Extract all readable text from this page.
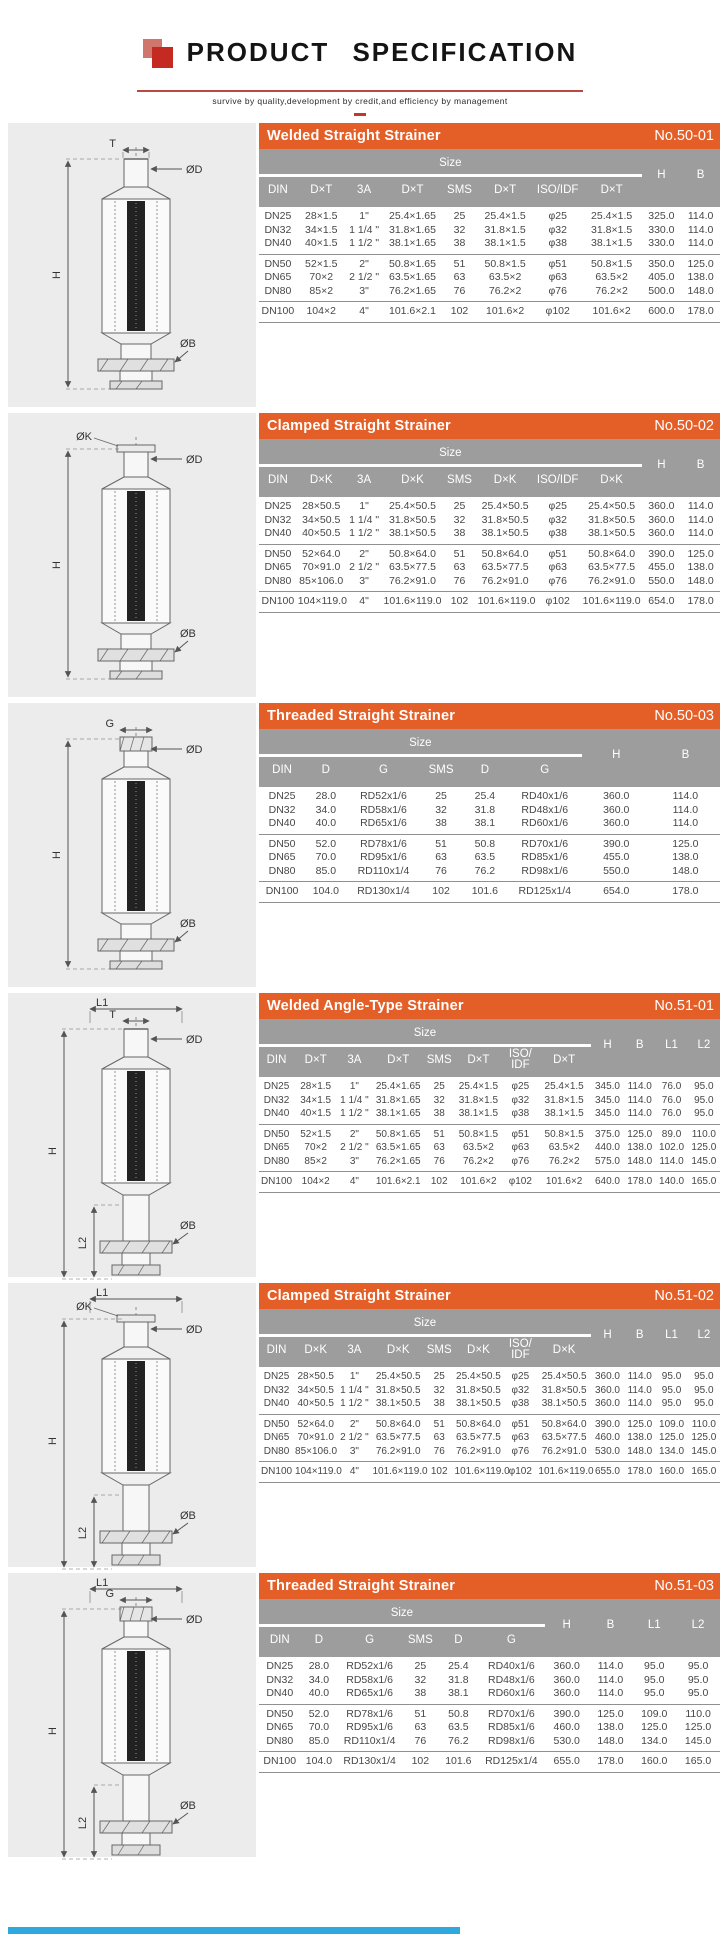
PRODUCT SPECIFICATION
survive by quality,development by credit,and efficiency by management
T
ØD
H
ØB
Welded Straight Strainer	No.50-01
Size								H	B
DIN	D×T	3A	D×T	SMS	D×T	ISO/IDF	D×T		
DN25	28×1.5	1"	25.4×1.65	25	25.4×1.5	φ25	25.4×1.5	325.0	114.0
DN32	34×1.5	1 1/4 "	31.8×1.65	32	31.8×1.5	φ32	31.8×1.5	330.0	114.0
DN40	40×1.5	1 1/2 "	38.1×1.65	38	38.1×1.5	φ38	38.1×1.5	330.0	114.0
DN50	52×1.5	2"	50.8×1.65	51	50.8×1.5	φ51	50.8×1.5	350.0	125.0
DN65	70×2	2 1/2 "	63.5×1.65	63	63.5×2	φ63	63.5×2	405.0	138.0
DN80	85×2	3"	76.2×1.65	76	76.2×2	φ76	76.2×2	500.0	148.0
DN100	104×2	4"	101.6×2.1	102	101.6×2	φ102	101.6×2	600.0	178.0
ØK
ØD
H
ØB
Clamped Straight Strainer	No.50-02
Size								H	B
DIN	D×K	3A	D×K	SMS	D×K	ISO/IDF	D×K		
DN25	28×50.5	1"	25.4×50.5	25	25.4×50.5	φ25	25.4×50.5	360.0	114.0
DN32	34×50.5	1 1/4 "	31.8×50.5	32	31.8×50.5	φ32	31.8×50.5	360.0	114.0
DN40	40×50.5	1 1/2 "	38.1×50.5	38	38.1×50.5	φ38	38.1×50.5	360.0	114.0
DN50	52×64.0	2"	50.8×64.0	51	50.8×64.0	φ51	50.8×64.0	390.0	125.0
DN65	70×91.0	2 1/2 "	63.5×77.5	63	63.5×77.5	φ63	63.5×77.5	455.0	138.0
DN80	85×106.0	3"	76.2×91.0	76	76.2×91.0	φ76	76.2×91.0	550.0	148.0
DN100	104×119.0	4"	101.6×119.0	102	101.6×119.0	φ102	101.6×119.0	654.0	178.0
G
ØD
H
ØB
Threaded Straight Strainer	No.50-03
Size						H	B
DIN	D	G	SMS	D	G		
DN25	28.0	RD52x1/6	25	25.4	RD40x1/6	360.0	114.0
DN32	34.0	RD58x1/6	32	31.8	RD48x1/6	360.0	114.0
DN40	40.0	RD65x1/6	38	38.1	RD60x1/6	360.0	114.0
DN50	52.0	RD78x1/6	51	50.8	RD70x1/6	390.0	125.0
DN65	70.0	RD95x1/6	63	63.5	RD85x1/6	455.0	138.0
DN80	85.0	RD110x1/4	76	76.2	RD98x1/6	550.0	148.0
DN100	104.0	RD130x1/4	102	101.6	RD125x1/4	654.0	178.0
T
ØD
L1
H
L2
ØB
Welded Angle-Type Strainer	No.51-01
Size								H	B	L1	L2
DIN	D×T	3A	D×T	SMS	D×T	ISO/IDF	D×T				
DN25	28×1.5	1"	25.4×1.65	25	25.4×1.5	φ25	25.4×1.5	345.0	114.0	76.0	95.0
DN32	34×1.5	1 1/4 "	31.8×1.65	32	31.8×1.5	φ32	31.8×1.5	345.0	114.0	76.0	95.0
DN40	40×1.5	1 1/2 "	38.1×1.65	38	38.1×1.5	φ38	38.1×1.5	345.0	114.0	76.0	95.0
DN50	52×1.5	2"	50.8×1.65	51	50.8×1.5	φ51	50.8×1.5	375.0	125.0	89.0	110.0
DN65	70×2	2 1/2 "	63.5×1.65	63	63.5×2	φ63	63.5×2	440.0	138.0	102.0	125.0
DN80	85×2	3"	76.2×1.65	76	76.2×2	φ76	76.2×2	575.0	148.0	114.0	145.0
DN100	104×2	4"	101.6×2.1	102	101.6×2	φ102	101.6×2	640.0	178.0	140.0	165.0
ØK
ØD
L1
H
L2
ØB
Clamped Straight Strainer	No.51-02
Size								H	B	L1	L2
DIN	D×K	3A	D×K	SMS	D×K	ISO/IDF	D×K				
DN25	28×50.5	1"	25.4×50.5	25	25.4×50.5	φ25	25.4×50.5	360.0	114.0	95.0	95.0
DN32	34×50.5	1 1/4 "	31.8×50.5	32	31.8×50.5	φ32	31.8×50.5	360.0	114.0	95.0	95.0
DN40	40×50.5	1 1/2 "	38.1×50.5	38	38.1×50.5	φ38	38.1×50.5	360.0	114.0	95.0	95.0
DN50	52×64.0	2"	50.8×64.0	51	50.8×64.0	φ51	50.8×64.0	390.0	125.0	109.0	110.0
DN65	70×91.0	2 1/2 "	63.5×77.5	63	63.5×77.5	φ63	63.5×77.5	460.0	138.0	125.0	125.0
DN80	85×106.0	3"	76.2×91.0	76	76.2×91.0	φ76	76.2×91.0	530.0	148.0	134.0	145.0
DN100	104×119.0	4"	101.6×119.0	102	101.6×119.0	φ102	101.6×119.0	655.0	178.0	160.0	165.0
G
ØD
L1
H
L2
ØB
Threaded Straight Strainer	No.51-03
Size						H	B	L1	L2
DIN	D	G	SMS	D	G				
DN25	28.0	RD52x1/6	25	25.4	RD40x1/6	360.0	114.0	95.0	95.0
DN32	34.0	RD58x1/6	32	31.8	RD48x1/6	360.0	114.0	95.0	95.0
DN40	40.0	RD65x1/6	38	38.1	RD60x1/6	360.0	114.0	95.0	95.0
DN50	52.0	RD78x1/6	51	50.8	RD70x1/6	390.0	125.0	109.0	110.0
DN65	70.0	RD95x1/6	63	63.5	RD85x1/6	460.0	138.0	125.0	125.0
DN80	85.0	RD110x1/4	76	76.2	RD98x1/6	530.0	148.0	134.0	145.0
DN100	104.0	RD130x1/4	102	101.6	RD125x1/4	655.0	178.0	160.0	165.0
